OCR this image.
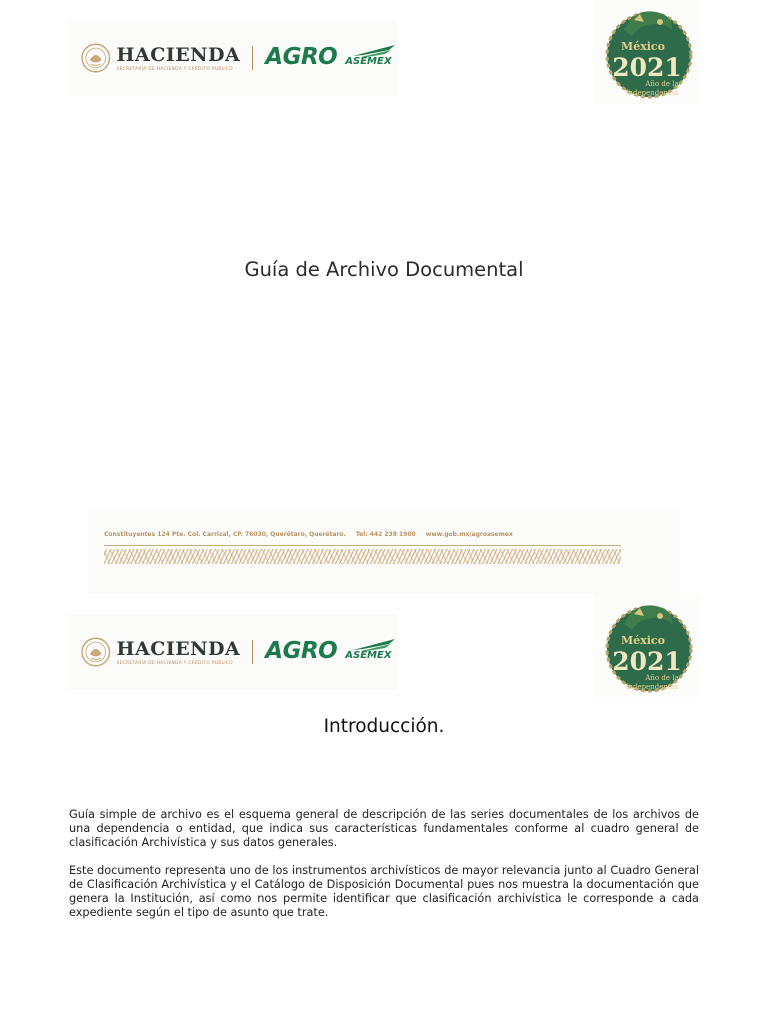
HACIENDA
SECRETARÍA DE HACIENDA Y CRÉDITO PÚBLICO	AGRO ASEMEX
México
2021
Año de la
Independencia
Guía de Archivo Documental
Constituyentes 124 Pte. Col. Carrizal, CP. 76030, Querétaro, Querétaro. Tel: 442 238 1900 www.gob.mx/agroasemex
HACIENDA
SECRETARÍA DE HACIENDA Y CRÉDITO PÚBLICO	AGRO ASEMEX
México
2021
Año de la
Independencia
Introducción.

Guía simple de archivo es el esquema general de descripción de las series documentales de los archivos de una dependencia o entidad, que indica sus características fundamentales conforme al cuadro general de clasificación Archivística y sus datos generales.

Este documento representa uno de los instrumentos archivísticos de mayor relevancia junto al Cuadro General de Clasificación Archivística y el Catálogo de Disposición Documental pues nos muestra la documentación que genera la Institución, así como nos permite identificar que clasificación archivística le corresponde a cada expediente según el tipo de asunto que trate.
